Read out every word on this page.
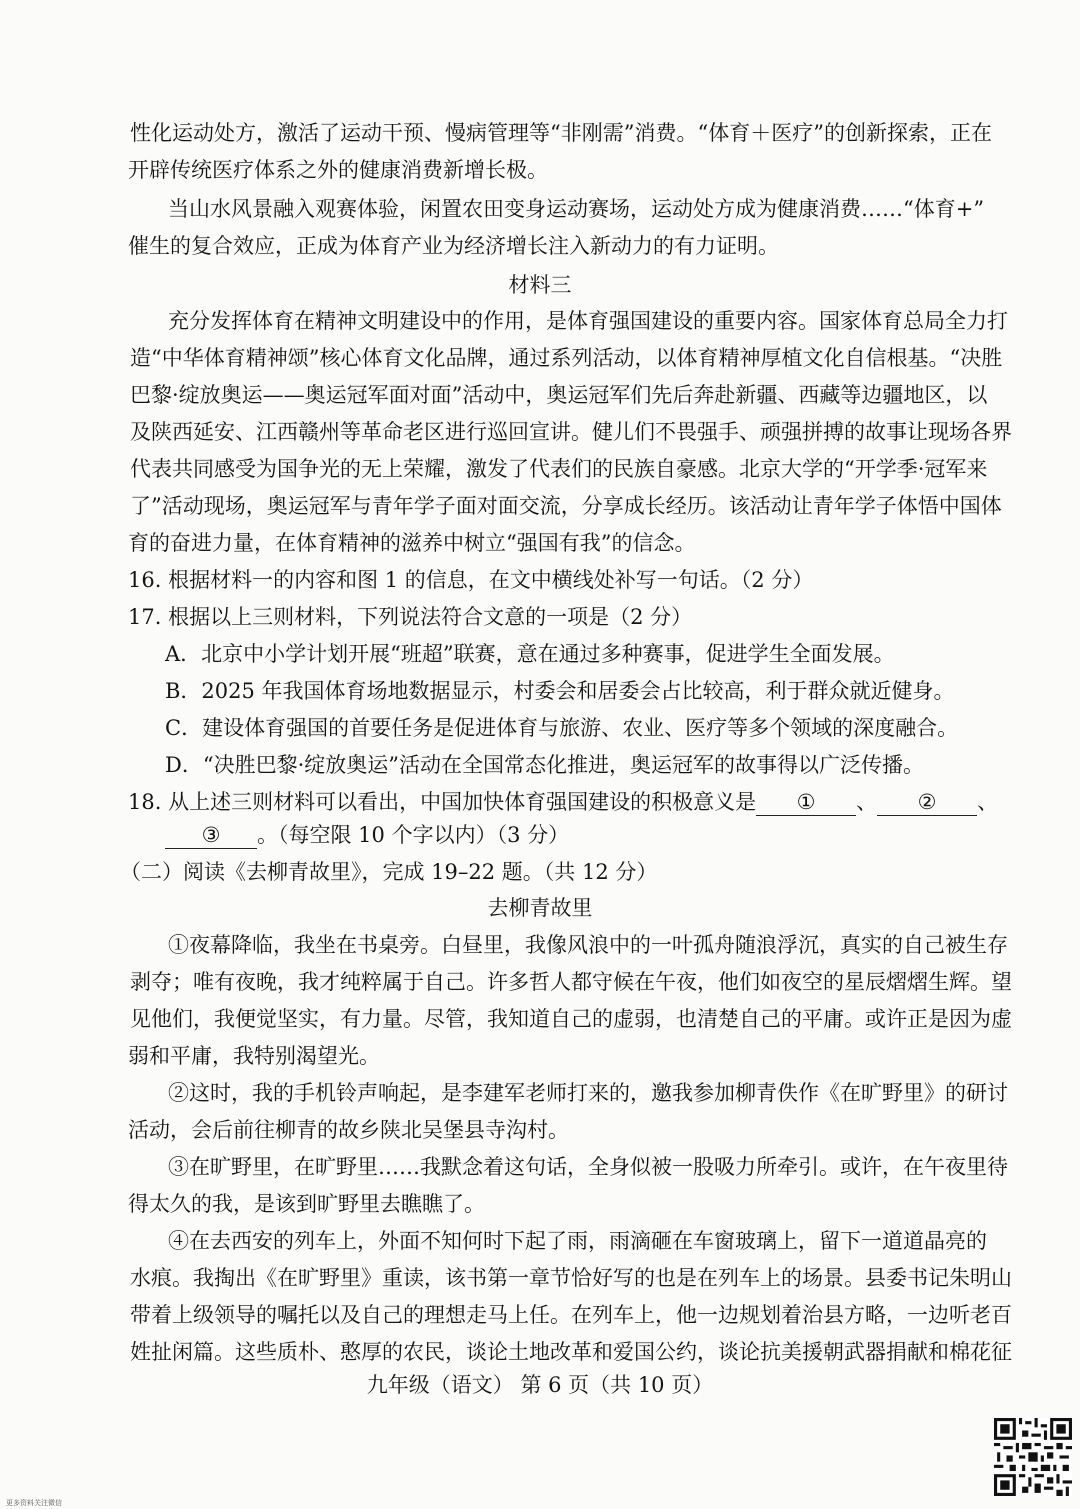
性化运动处方，激活了运动干预、慢病管理等“非刚需”消费。“体育＋医疗”的创新探索，正在
开辟传统医疗体系之外的健康消费新增长极。
当山水风景融入观赛体验，闲置农田变身运动赛场，运动处方成为健康消费……“体育+”
催生的复合效应，正成为体育产业为经济增长注入新动力的有力证明。
材料三
充分发挥体育在精神文明建设中的作用，是体育强国建设的重要内容。国家体育总局全力打
造“中华体育精神颂”核心体育文化品牌，通过系列活动，以体育精神厚植文化自信根基。“决胜
巴黎·绽放奥运——奥运冠军面对面”活动中，奥运冠军们先后奔赴新疆、西藏等边疆地区，以
及陕西延安、江西赣州等革命老区进行巡回宣讲。健儿们不畏强手、顽强拼搏的故事让现场各界
代表共同感受为国争光的无上荣耀，激发了代表们的民族自豪感。北京大学的“开学季·冠军来
了”活动现场，奥运冠军与青年学子面对面交流，分享成长经历。该活动让青年学子体悟中国体
育的奋进力量，在体育精神的滋养中树立“强国有我”的信念。
16. 根据材料一的内容和图 1 的信息，在文中横线处补写一句话。（2 分）
17. 根据以上三则材料，下列说法符合文意的一项是（2 分）
A．北京中小学计划开展“班超”联赛，意在通过多种赛事，促进学生全面发展。
B．2025 年我国体育场地数据显示，村委会和居委会占比较高，利于群众就近健身。
C．建设体育强国的首要任务是促进体育与旅游、农业、医疗等多个领域的深度融合。
D．“决胜巴黎·绽放奥运”活动在全国常态化推进，奥运冠军的故事得以广泛传播。
18. 从上述三则材料可以看出，中国加快体育强国建设的积极意义是 ① 、 ② 、
③ 。（每空限 10 个字以内）（3 分）
（二）阅读《去柳青故里》，完成 19–22 题。（共 12 分）
去柳青故里
①夜幕降临，我坐在书桌旁。白昼里，我像风浪中的一叶孤舟随浪浮沉，真实的自己被生存
剥夺；唯有夜晚，我才纯粹属于自己。许多哲人都守候在午夜，他们如夜空的星辰熠熠生辉。望
见他们，我便觉坚实，有力量。尽管，我知道自己的虚弱，也清楚自己的平庸。或许正是因为虚
弱和平庸，我特别渴望光。
②这时，我的手机铃声响起，是李建军老师打来的，邀我参加柳青佚作《在旷野里》的研讨
活动，会后前往柳青的故乡陕北吴堡县寺沟村。
③在旷野里，在旷野里……我默念着这句话，全身似被一股吸力所牵引。或许，在午夜里待
得太久的我，是该到旷野里去瞧瞧了。
④在去西安的列车上，外面不知何时下起了雨，雨滴砸在车窗玻璃上，留下一道道晶亮的
水痕。我掏出《在旷野里》重读，该书第一章节恰好写的也是在列车上的场景。县委书记朱明山
带着上级领导的嘱托以及自己的理想走马上任。在列车上，他一边规划着治县方略，一边听老百
姓扯闲篇。这些质朴、憨厚的农民，谈论土地改革和爱国公约，谈论抗美援朝武器捐献和棉花征
九年级（语文） 第 6 页（共 10 页）
更多资料关注微信
